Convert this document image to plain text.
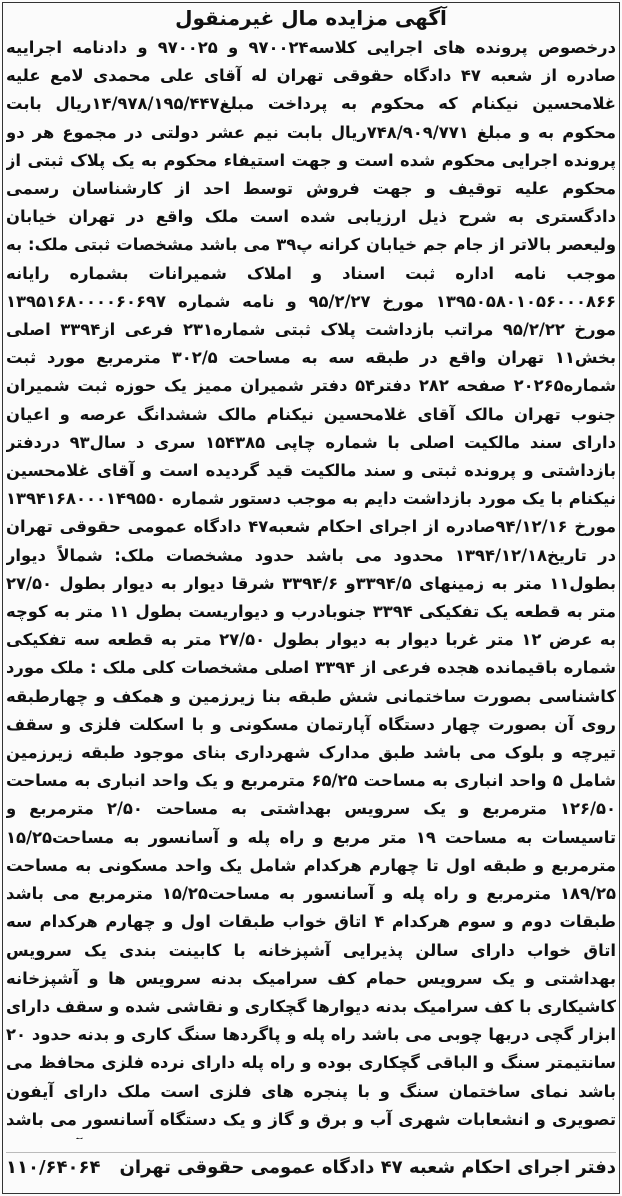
آگهی مزایده مال غیرمنقول
درخصوص پرونده های اجرایی کلاسه۹۷۰۰۲۴ و ۹۷۰۰۲۵ و دادنامه اجراییه صادره از شعبه ۴۷ دادگاه حقوقی تهران له آقای علی محمدی لامع علیه غلامحسین نیکنام که محکوم به پرداخت مبلغ۱۴/۹۷۸/۱۹۵/۴۴۷ریال بابت محکوم به و مبلغ ۷۴۸/۹۰۹/۷۷۱ریال بابت نیم عشر دولتی در مجموع هر دو پرونده اجرایی محکوم شده است و جهت استیفاء محکوم به یک پلاک ثبتی از محکوم علیه توقیف و جهت فروش توسط احد از کارشناسان رسمی دادگستری به شرح ذیل ارزیابی شده است ملک واقع در تهران خیابان ولیعصر بالاتر از جام جم خیابان کرانه پ۳۹ می باشد مشخصات ثبتی ملک: به موجب نامه اداره ثبت اسناد و املاک شمیرانات بشماره رایانه ۱۳۹۵۰۵۸۰۱۰۵۶۰۰۰۸۶۶ مورخ ۹۵/۲/۲۷ و نامه شماره ۱۳۹۵۱۶۸۰۰۰۰۶۰۶۹۷ مورخ ۹۵/۲/۲۲ مراتب بازداشت پلاک ثبتی شماره۲۳۱ فرعی از۳۳۹۴ اصلی بخش۱۱ تهران واقع در طبقه سه به مساحت ۳۰۲/۵ مترمربع مورد ثبت شماره۲۰۲۶۵ صفحه ۲۸۲ دفتر۵۴ دفتر شمیران ممیز یک حوزه ثبت شمیران جنوب تهران مالک آقای غلامحسین نیکنام مالک ششدانگ عرصه و اعیان دارای سند مالکیت اصلی با شماره چاپی ۱۵۴۳۸۵ سری د سال۹۳ دردفتر بازداشتی و پرونده ثبتی و سند مالکیت قید گردیده است و آقای غلامحسین نیکنام با یک مورد بازداشت دایم به موجب دستور شماره ۱۳۹۴۱۶۸۰۰۰۱۴۹۵۵۰ مورخ ۹۴/۱۲/۱۶صادره از اجرای احکام شعبه۴۷ دادگاه عمومی حقوقی تهران در تاریخ۱۳۹۴/۱۲/۱۸ محدود می باشد حدود مشخصات ملک: شمالاً دیوار بطول۱۱ متر به زمینهای ۳۳۹۴/۵و ۳۳۹۴/۶ شرقا دیوار به دیوار بطول ۲۷/۵۰ متر به قطعه یک تفکیکی ۳۳۹۴ جنوبادرب و دیواریست بطول ۱۱ متر به کوچه به عرض ۱۲ متر غربا دیوار به دیوار بطول ۲۷/۵۰ متر به قطعه سه تفکیکی شماره باقیمانده هجده فرعی از ۳۳۹۴ اصلی مشخصات کلی ملک : ملک مورد کاشناسی بصورت ساختمانی شش طبقه بنا زیرزمین و همکف و چهارطبقه روی آن بصورت چهار دستگاه آپارتمان مسکونی و با اسکلت فلزی و سقف تیرچه و بلوک می باشد طبق مدارک شهرداری بنای موجود طبقه زیرزمین شامل ۵ واحد انباری به مساحت ۶۵/۲۵ مترمربع و یک واحد انباری به مساحت ۱۲۶/۵۰ مترمربع و یک سرویس بهداشتی به مساحت ۲/۵۰ مترمربع و تاسیسات به مساحت ۱۹ متر مربع و راه پله و آسانسور به مساحت۱۵/۲۵ مترمربع و طبقه اول تا چهارم هرکدام شامل یک واحد مسکونی به مساحت ۱۸۹/۲۵ مترمربع و راه پله و آسانسور به مساحت۱۵/۲۵ مترمربع می باشد طبقات دوم و سوم هرکدام ۴ اتاق خواب طبقات اول و چهارم هرکدام سه اتاق خواب دارای سالن پذیرایی آشپزخانه با کابینت بندی یک سرویس بهداشتی و یک سرویس حمام کف سرامیک بدنه سرویس ها و آشپزخانه کاشیکاری با کف سرامیک بدنه دیوارها گچکاری و نقاشی شده و سقف دارای ابزار گچی دربها چوبی می باشد راه پله و پاگردها سنگ کاری و بدنه حدود ۲۰ سانتیمتر سنگ و الباقی گچکاری بوده و راه پله دارای نرده فلزی محافظ می باشد نمای ساختمان سنگ و با پنجره های فلزی است ملک دارای آیفون تصویری و انشعابات شهری آب و برق و گاز و یک دستگاه آسانسور می باشد
دفتر اجرای احکام شعبه ۴۷ دادگاه عمومی حقوقی تهران
۱۱۰/۶۴۰۶۴
